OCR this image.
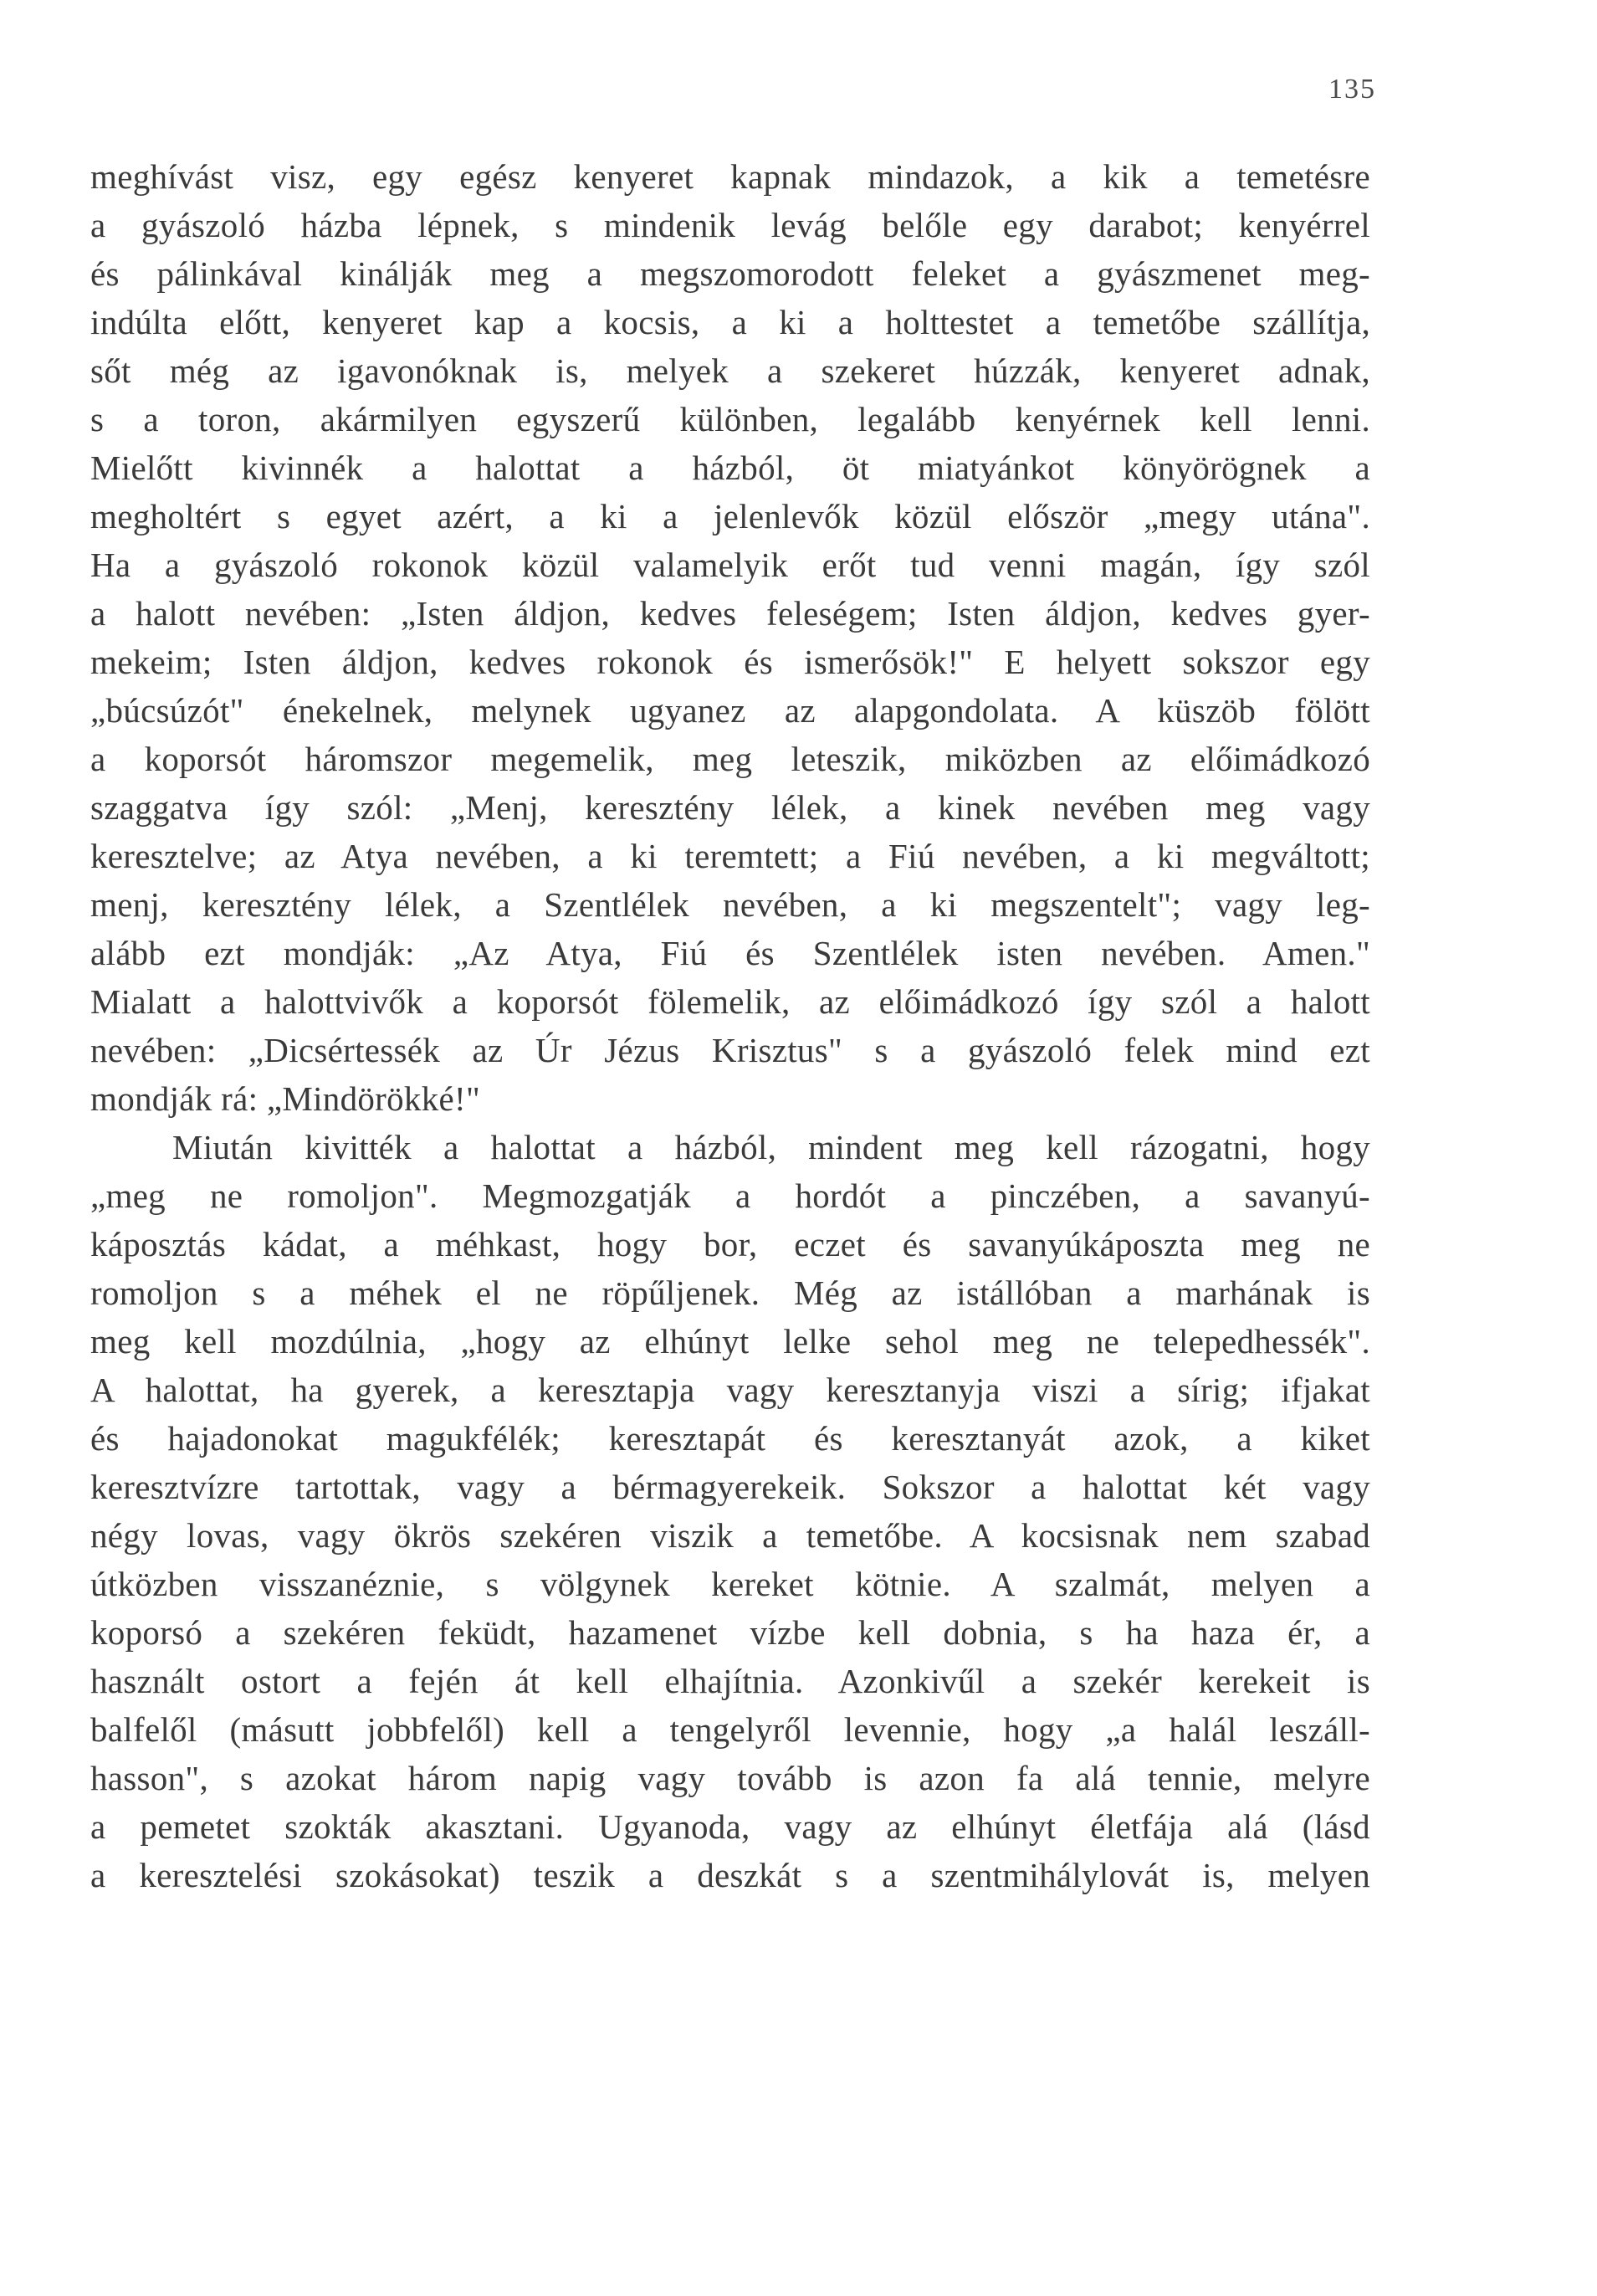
135
meghívást visz, egy egész kenyeret kapnak mindazok, a kik a temetésre
a gyászoló házba lépnek, s mindenik levág belőle egy darabot; kenyérrel
és pálinkával kinálják meg a megszomorodott feleket a gyászmenet meg-
indúlta előtt, kenyeret kap a kocsis, a ki a holttestet a temetőbe szállítja,
sőt még az igavonóknak is, melyek a szekeret húzzák, kenyeret adnak,
s a toron, akármilyen egyszerű különben, legalább kenyérnek kell lenni.
Mielőtt kivinnék a halottat a házból, öt miatyánkot könyörögnek a
megholtért s egyet azért, a ki a jelenlevők közül először „megy utána".
Ha a gyászoló rokonok közül valamelyik erőt tud venni magán, így szól
a halott nevében: „Isten áldjon, kedves feleségem; Isten áldjon, kedves gyer-
mekeim; Isten áldjon, kedves rokonok és ismerősök!" E helyett sokszor egy
„búcsúzót" énekelnek, melynek ugyanez az alapgondolata. A küszöb fölött
a koporsót háromszor megemelik, meg leteszik, miközben az előimádkozó
szaggatva így szól: „Menj, keresztény lélek, a kinek nevében meg vagy
keresztelve; az Atya nevében, a ki teremtett; a Fiú nevében, a ki megváltott;
menj, keresztény lélek, a Szentlélek nevében, a ki megszentelt"; vagy leg-
alább ezt mondják: „Az Atya, Fiú és Szentlélek isten nevében. Amen."
Mialatt a halottvivők a koporsót fölemelik, az előimádkozó így szól a halott
nevében: „Dicsértessék az Úr Jézus Krisztus" s a gyászoló felek mind ezt
mondják rá: „Mindörökké!"
Miután kivitték a halottat a házból, mindent meg kell rázogatni, hogy
„meg ne romoljon". Megmozgatják a hordót a pinczében, a savanyú-
káposztás kádat, a méhkast, hogy bor, eczet és savanyúkáposzta meg ne
romoljon s a méhek el ne röpűljenek. Még az istállóban a marhának is
meg kell mozdúlnia, „hogy az elhúnyt lelke sehol meg ne telepedhessék".
A halottat, ha gyerek, a keresztapja vagy keresztanyja viszi a sírig; ifjakat
és hajadonokat magukfélék; keresztapát és keresztanyát azok, a kiket
keresztvízre tartottak, vagy a bérmagyerekeik. Sokszor a halottat két vagy
négy lovas, vagy ökrös szekéren viszik a temetőbe. A kocsisnak nem szabad
útközben visszanéznie, s völgynek kereket kötnie. A szalmát, melyen a
koporsó a szekéren feküdt, hazamenet vízbe kell dobnia, s ha haza ér, a
használt ostort a fején át kell elhajítnia. Azonkivűl a szekér kerekeit is
balfelől (másutt jobbfelől) kell a tengelyről levennie, hogy „a halál leszáll-
hasson", s azokat három napig vagy tovább is azon fa alá tennie, melyre
a pemetet szokták akasztani. Ugyanoda, vagy az elhúnyt életfája alá (lásd
a keresztelési szokásokat) teszik a deszkát s a szentmihálylovát is, melyen
